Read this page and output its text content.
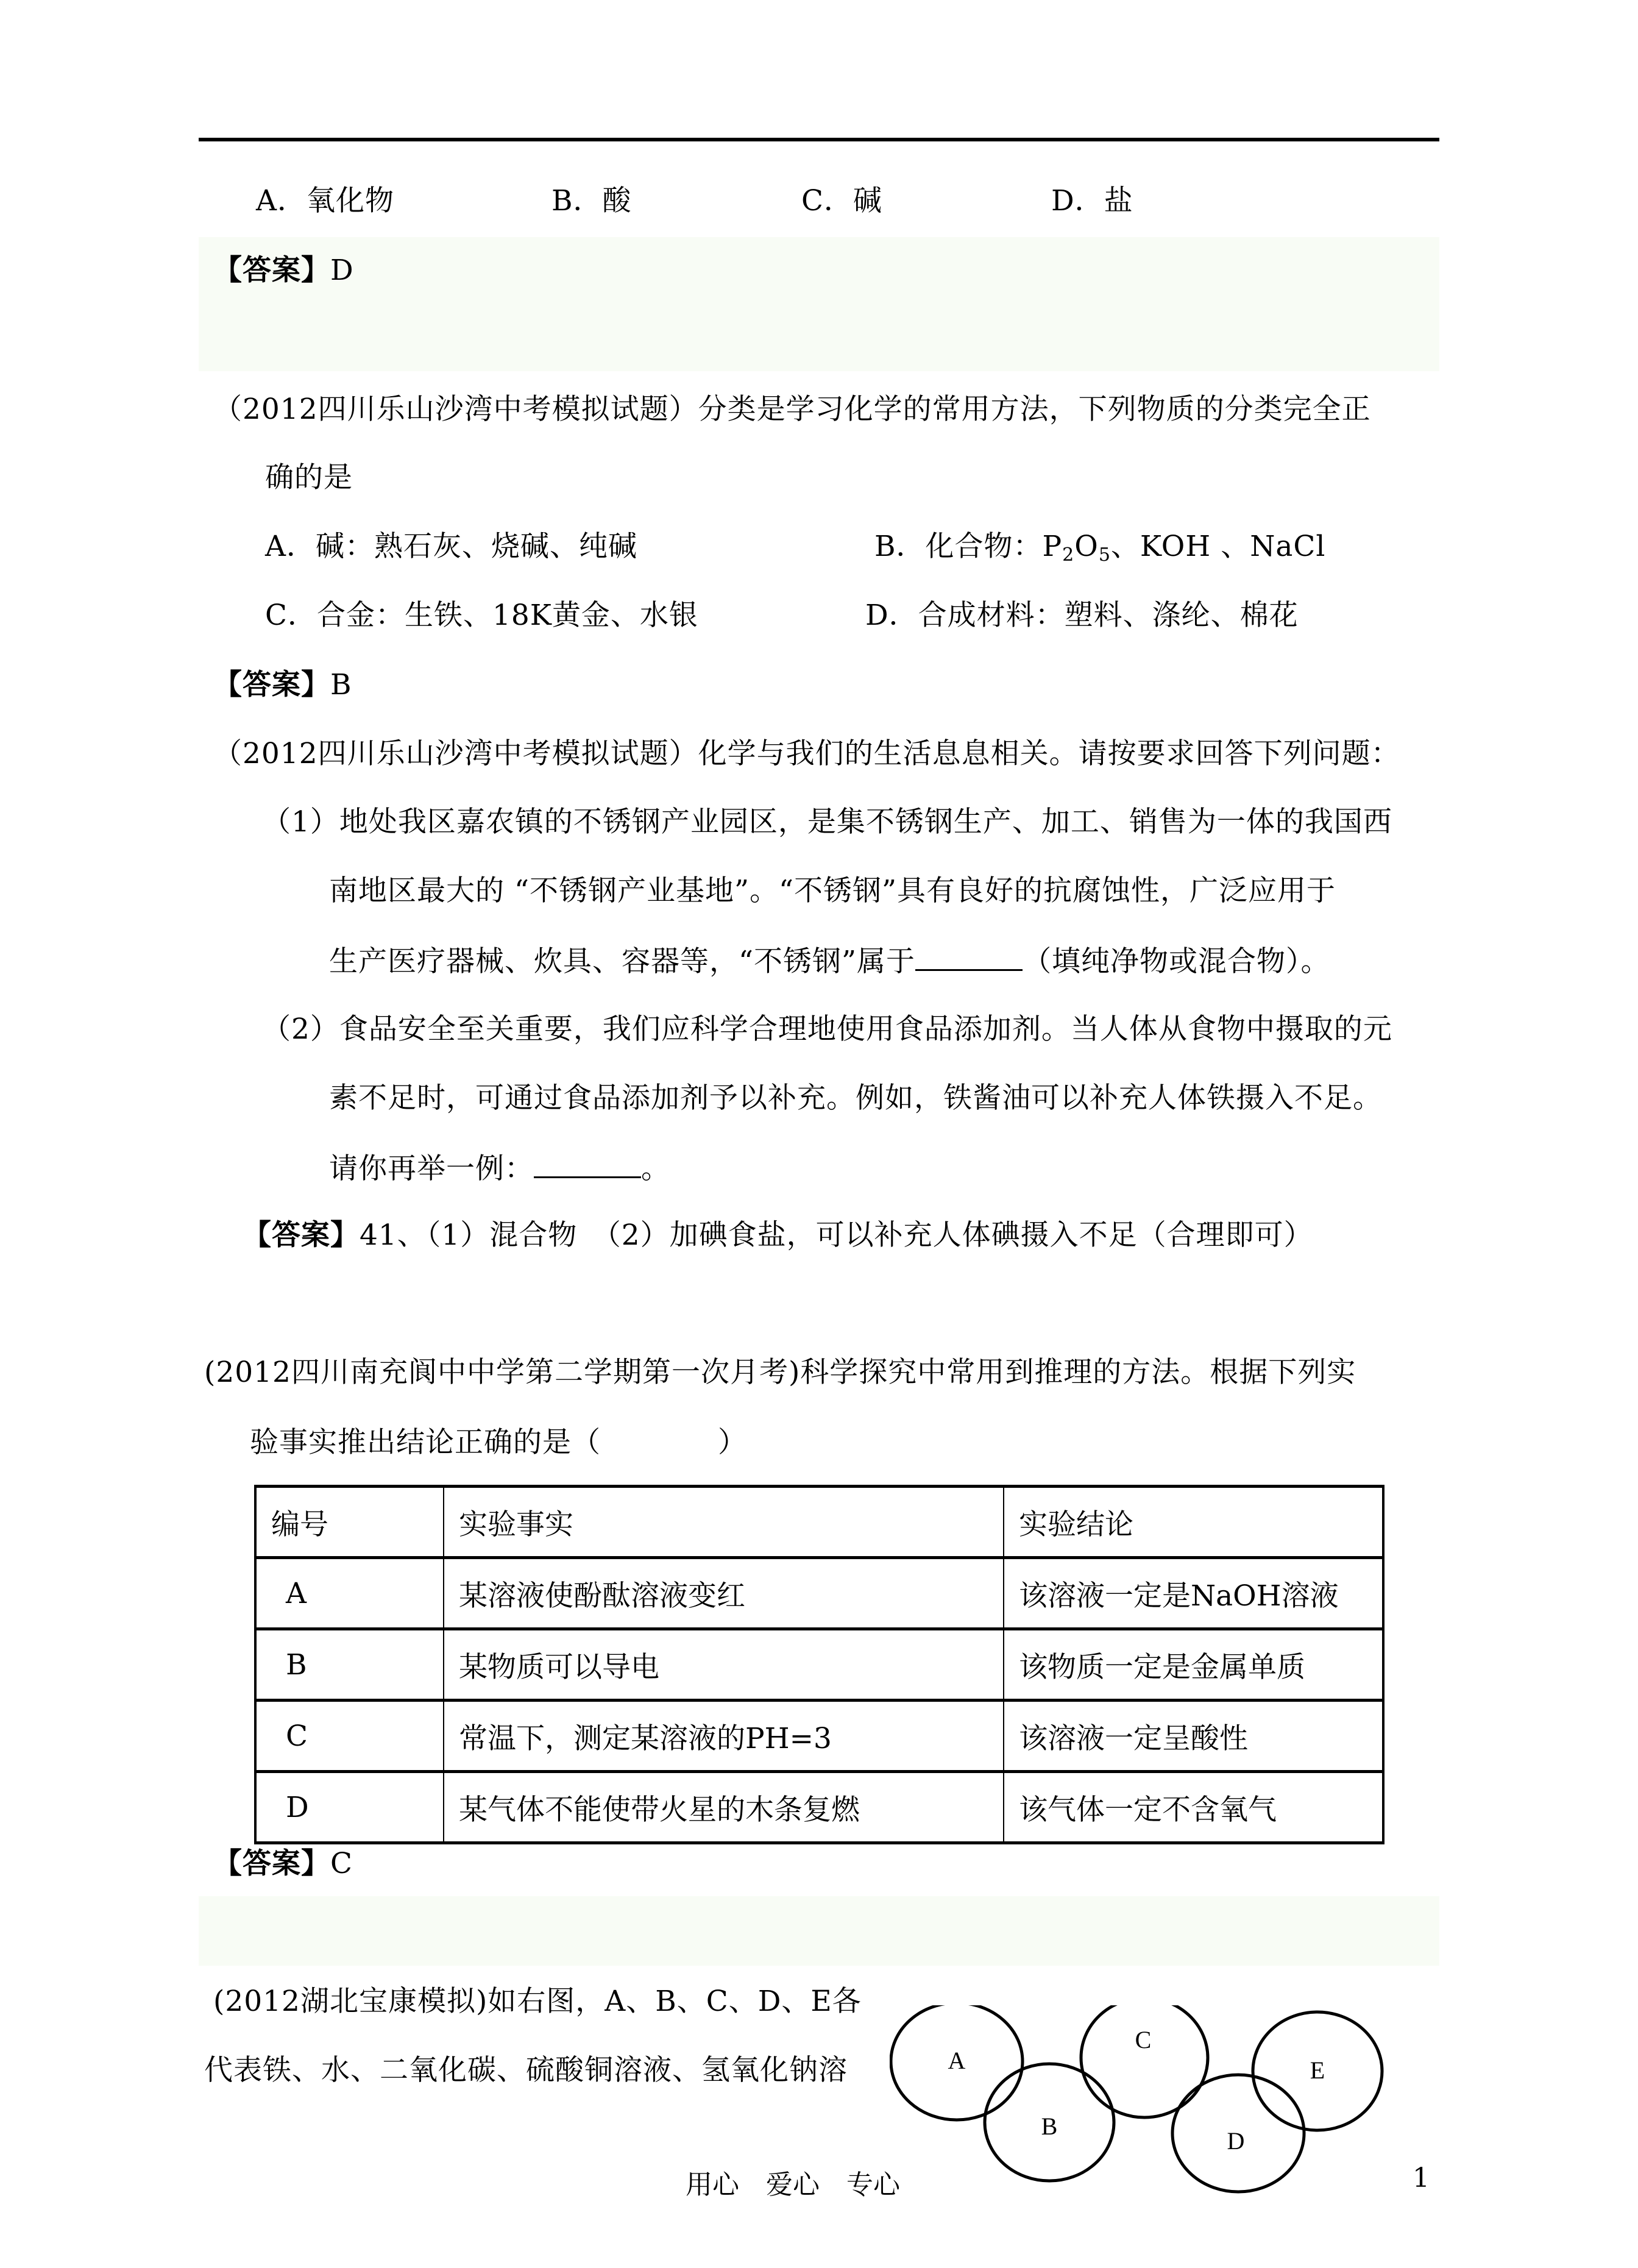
A．氧化物	B．酸	C．碱	D．盐
【答案】D
（2012四川乐山沙湾中考模拟试题）分类是学习化学的常用方法，下列物质的分类完全正
确的是
A．碱：熟石灰、烧碱、纯碱	B．化合物：$P_2O_5$、KOH 、NaCl
C．合金：生铁、18K黄金、水银	D．合成材料：塑料、涤纶、棉花
【答案】B
（2012四川乐山沙湾中考模拟试题）化学与我们的生活息息相关。请按要求回答下列问题：
（1）地处我区嘉农镇的不锈钢产业园区，是集不锈钢生产、加工、销售为一体的我国西
南地区最大的 “不锈钢产业基地”。“不锈钢”具有良好的抗腐蚀性，广泛应用于
生产医疗器械、炊具、容器等，“不锈钢”属于	（填纯净物或混合物）。
（2）食品安全至关重要，我们应科学合理地使用食品添加剂。当人体从食物中摄取的元
素不足时，可通过食品添加剂予以补充。例如，铁酱油可以补充人体铁摄入不足。
请你再举一例：	。
【答案】41、（1）混合物　（2）加碘食盐，可以补充人体碘摄入不足（合理即可）
(2012四川南充阆中中学第二学期第一次月考)科学探究中常用到推理的方法。根据下列实
验事实推出结论正确的是（　　　　）
编号	实验事实	实验结论
A	某溶液使酚酞溶液变红	该溶液一定是NaOH溶液
B	某物质可以导电	该物质一定是金属单质
C	常温下，测定某溶液的PH=3	该溶液一定呈酸性
D	某气体不能使带火星的木条复燃	该气体一定不含氧气
【答案】C
(2012湖北宝康模拟)如右图，A、B、C、D、E各
代表铁、水、二氧化碳、硫酸铜溶液、氢氧化钠溶	A
B
C
D
E
用心　爱心　专心	1
